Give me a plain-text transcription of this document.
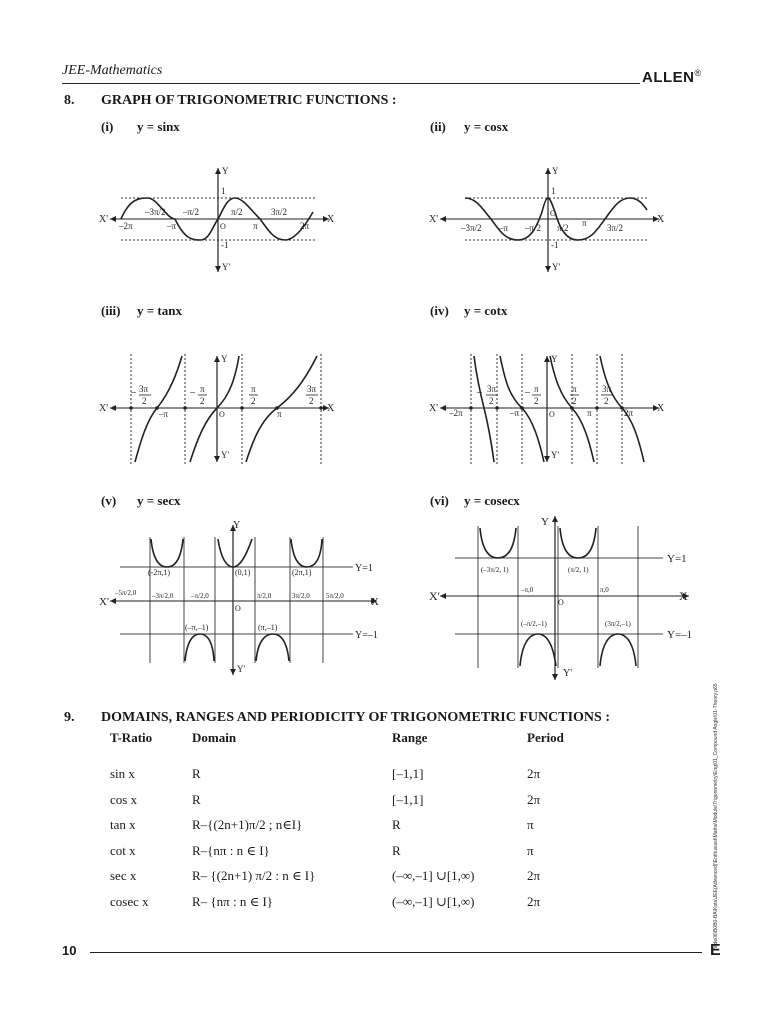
JEE-Mathematics	ALLEN®
8. GRAPH OF TRIGONOMETRIC FUNCTIONS :
(i) y = sinx	(ii) y = cosx
(iii) y = tanx	(iv) y = cotx
(v) y = secx	(vi) y = cosecx
X'	X
Y
Y'
1
-1
O
–3π/2 –π/2	π/2	3π/2
–2π	–π	π	2π
X'	X
Y
Y'
1
-1
O
–3π/2 –π –π/2 π/2 π 3π/2
X'	X
Y
Y'
O
– 3π
2
– π
2
π
2
3π
2
–π	π	X'	X
Y
Y'
O
– 3π
2
– π
2
π
2
3π
2
–2π	–π	π	2π
(-2π,1)	(0,1)	(2π,1)	Y=1
Y=–1
–5π/2,0 –3π/2,0	–π/2,0	π/2,0	3π/2,0 5π/2,0
(–π,–1)	(π,–1)
X'	X
Y
Y'
O
(–3π/2, 1)	(π/2, 1)
Y=1
Y=–1
–π,0	π,0
(–π/2,–1)	(3π/2,–1)
X'	X
Y
Y'
O
9. DOMAINS, RANGES AND PERIODICITY OF TRIGONOMETRIC FUNCTIONS :
T-Ratio	Domain	Range	Period
sin x	R	[–1,1]	2π
cos x	R	[–1,1]	2π
tan x	R–{(2n+1)π/2 ; n∈I}	R	π
cot x	R–{nπ : n ∈ I}	R	π
sec x	R– {(2n+1) π/2 : n ∈ I}	(–∞,–1] ∪[1,∞)	2π
cosec x	R– {nπ : n ∈ I}	(–∞,–1] ∪[1,∞)	2π	node06\B0B0-BA\Kota\JEE(Advanced)\Enthusiast\Maths\Module\Trigonometry\Eng\01_Compound Angle\01-Theory.p65
10	E
